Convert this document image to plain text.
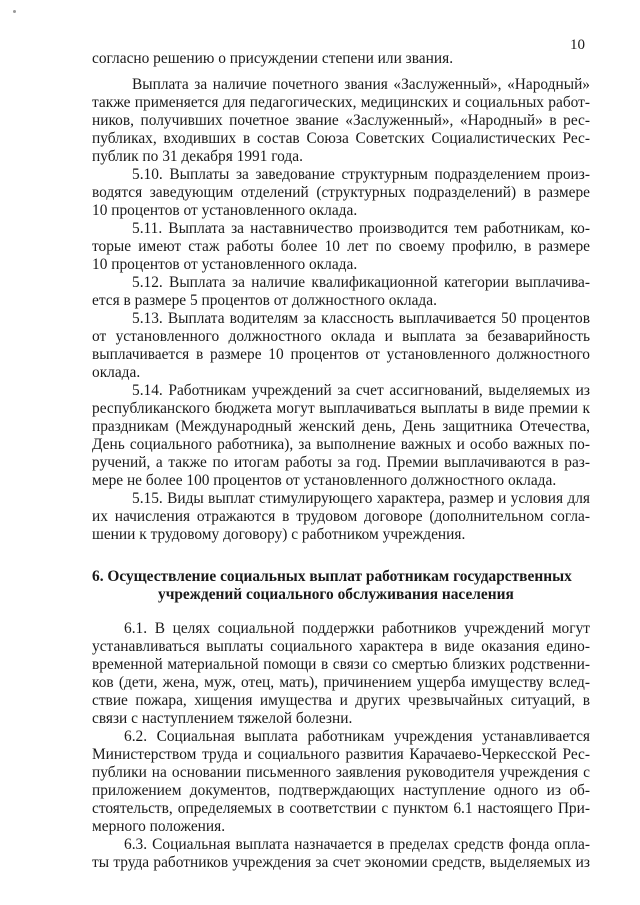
10
согласно решению о присуждении степени или звания.
Выплата за наличие почетного звания «Заслуженный», «Народный»
также применяется для педагогических, медицинских и социальных работ-
ников, получивших почетное звание «Заслуженный», «Народный» в рес-
публиках, входивших в состав Союза Советских Социалистических Рес-
публик по 31 декабря 1991 года.
5.10. Выплаты за заведование структурным подразделением произ-
водятся заведующим отделений (структурных подразделений) в размере
10 процентов от установленного оклада.
5.11. Выплата за наставничество производится тем работникам, ко-
торые имеют стаж работы более 10 лет по своему профилю, в размере
10 процентов от установленного оклада.
5.12. Выплата за наличие квалификационной категории выплачива-
ется в размере 5 процентов от должностного оклада.
5.13. Выплата водителям за классность выплачивается 50 процентов
от установленного должностного оклада и выплата за безаварийность
выплачивается в размере 10 процентов от установленного должностного
оклада.
5.14. Работникам учреждений за счет ассигнований, выделяемых из
республиканского бюджета могут выплачиваться выплаты в виде премии к
праздникам (Международный женский день, День защитника Отечества,
День социального работника), за выполнение важных и особо важных по-
ручений, а также по итогам работы за год. Премии выплачиваются в раз-
мере не более 100 процентов от установленного должностного оклада.
5.15. Виды выплат стимулирующего характера, размер и условия для
их начисления отражаются в трудовом договоре (дополнительном согла-
шении к трудовому договору) с работником учреждения.
6. Осуществление социальных выплат работникам государственных
учреждений социального обслуживания населения
6.1. В целях социальной поддержки работников учреждений могут
устанавливаться выплаты социального характера в виде оказания едино-
временной материальной помощи в связи со смертью близких родственни-
ков (дети, жена, муж, отец, мать), причинением ущерба имуществу вслед-
ствие пожара, хищения имущества и других чрезвычайных ситуаций, в
связи с наступлением тяжелой болезни.
6.2. Социальная выплата работникам учреждения устанавливается
Министерством труда и социального развития Карачаево-Черкесской Рес-
публики на основании письменного заявления руководителя учреждения с
приложением документов, подтверждающих наступление одного из об-
стоятельств, определяемых в соответствии с пунктом 6.1 настоящего При-
мерного положения.
6.3. Социальная выплата назначается в пределах средств фонда опла-
ты труда работников учреждения за счет экономии средств, выделяемых из
